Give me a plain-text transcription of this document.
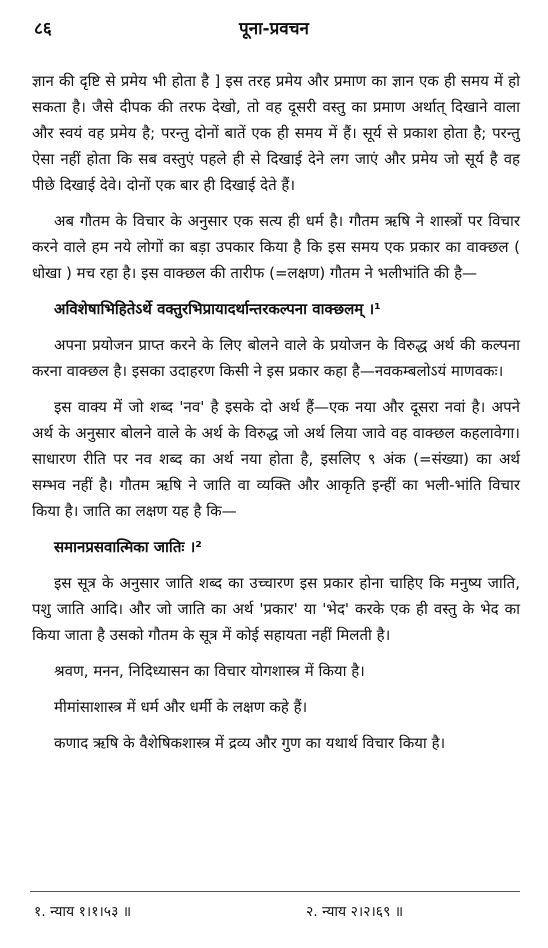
८६	पूना-प्रवचन

ज्ञान की दृष्टि से प्रमेय भी होता है ] इस तरह प्रमेय और प्रमाण का ज्ञान एक ही समय में हो सकता है। जैसे दीपक की तरफ देखो, तो वह दूसरी वस्तु का प्रमाण अर्थात् दिखाने वाला और स्वयं वह प्रमेय है; परन्तु दोनों बातें एक ही समय में हैं। सूर्य से प्रकाश होता है; परन्तु ऐसा नहीं होता कि सब वस्तुएं पहले ही से दिखाई देने लग जाएं और प्रमेय जो सूर्य है वह पीछे दिखाई देवे। दोनों एक बार ही दिखाई देते हैं।

अब गौतम के विचार के अनुसार एक सत्य ही धर्म है। गौतम ऋषि ने शास्त्रों पर विचार करने वाले हम नये लोगों का बड़ा उपकार किया है कि इस समय एक प्रकार का वाक्छल ( धोखा ) मच रहा है। इस वाक्छल की तारीफ (=लक्षण) गौतम ने भलीभांति की है—

अविशेषाभिहितेऽर्थे वक्तुरभिप्रायादर्थान्तरकल्पना वाक्छलम् ।¹

अपना प्रयोजन प्राप्त करने के लिए बोलने वाले के प्रयोजन के विरुद्ध अर्थ की कल्पना करना वाक्छल है। इसका उदाहरण किसी ने इस प्रकार कहा है—नवकम्बलोऽयं माणवकः।

इस वाक्य में जो शब्द 'नव' है इसके दो अर्थ हैं—एक नया और दूसरा नवां है। अपने अर्थ के अनुसार बोलने वाले के अर्थ के विरुद्ध जो अर्थ लिया जावे वह वाक्छल कहलावेगा। साधारण रीति पर नव शब्द का अर्थ नया होता है, इसलिए ९ अंक (=संख्या) का अर्थ सम्भव नहीं है। गौतम ऋषि ने जाति वा व्यक्ति और आकृति इन्हीं का भली-भांति विचार किया है। जाति का लक्षण यह है कि—

समानप्रसवात्मिका जातिः ।²

इस सूत्र के अनुसार जाति शब्द का उच्चारण इस प्रकार होना चाहिए कि मनुष्य जाति, पशु जाति आदि। और जो जाति का अर्थ 'प्रकार' या 'भेद' करके एक ही वस्तु के भेद का किया जाता है उसको गौतम के सूत्र में कोई सहायता नहीं मिलती है।

श्रवण, मनन, निदिध्यासन का विचार योगशास्त्र में किया है।

मीमांसाशास्त्र में धर्म और धर्मी के लक्षण कहे हैं।

कणाद ऋषि के वैशेषिकशास्त्र में द्रव्य और गुण का यथार्थ विचार किया है।

१. न्याय १।१।५३ ॥	२. न्याय २।२।६९ ॥
